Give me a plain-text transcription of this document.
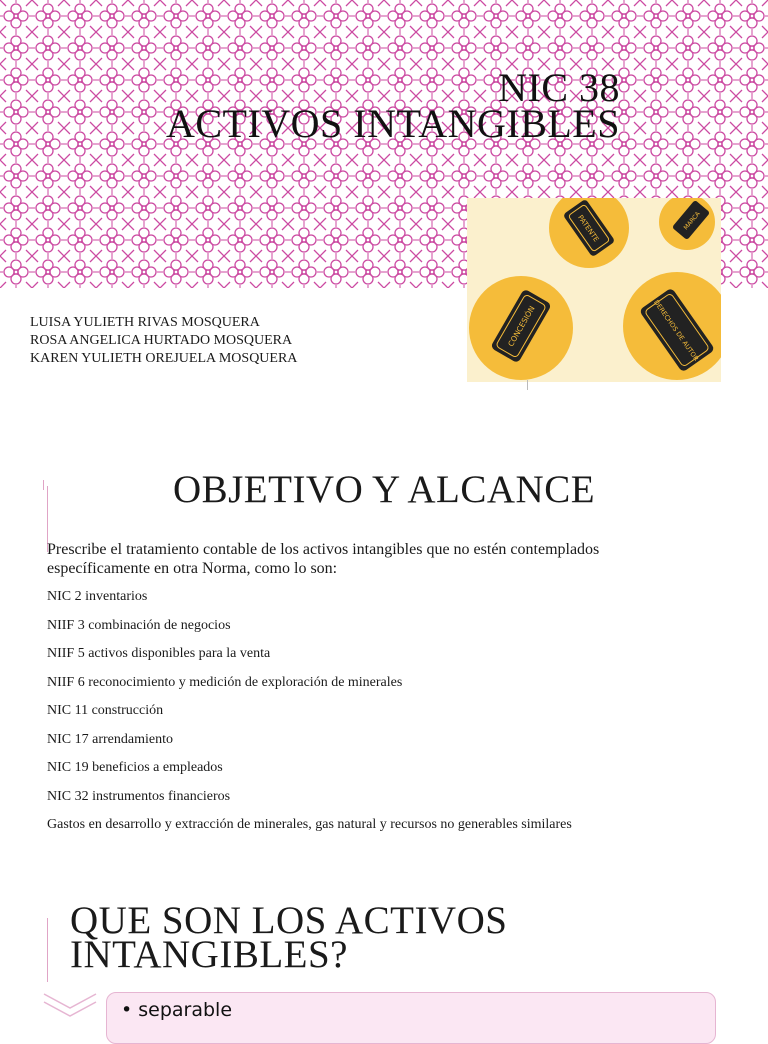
NIC 38
ACTIVOS INTANGIBLES
LUISA YULIETH RIVAS MOSQUERA
ROSA ANGELICA HURTADO MOSQUERA
KAREN YULIETH OREJUELA MOSQUERA
PATENTE	MARCA
CONCESIÓN	DERECHOS DE AUTOR
OBJETIVO Y ALCANCE
Prescribe el tratamiento contable de los activos intangibles que no estén contemplados específicamente en otra Norma, como lo son:
NIC 2 inventarios
NIIF 3 combinación de negocios
NIIF 5 activos disponibles para la venta
NIIF 6 reconocimiento y medición de exploración de minerales
NIC 11 construcción
NIC 17 arrendamiento
NIC 19 beneficios a empleados
NIC 32 instrumentos financieros
Gastos en desarrollo y extracción de minerales, gas natural y recursos no generables similares
QUE SON LOS ACTIVOS
INTANGIBLES?
• separable
